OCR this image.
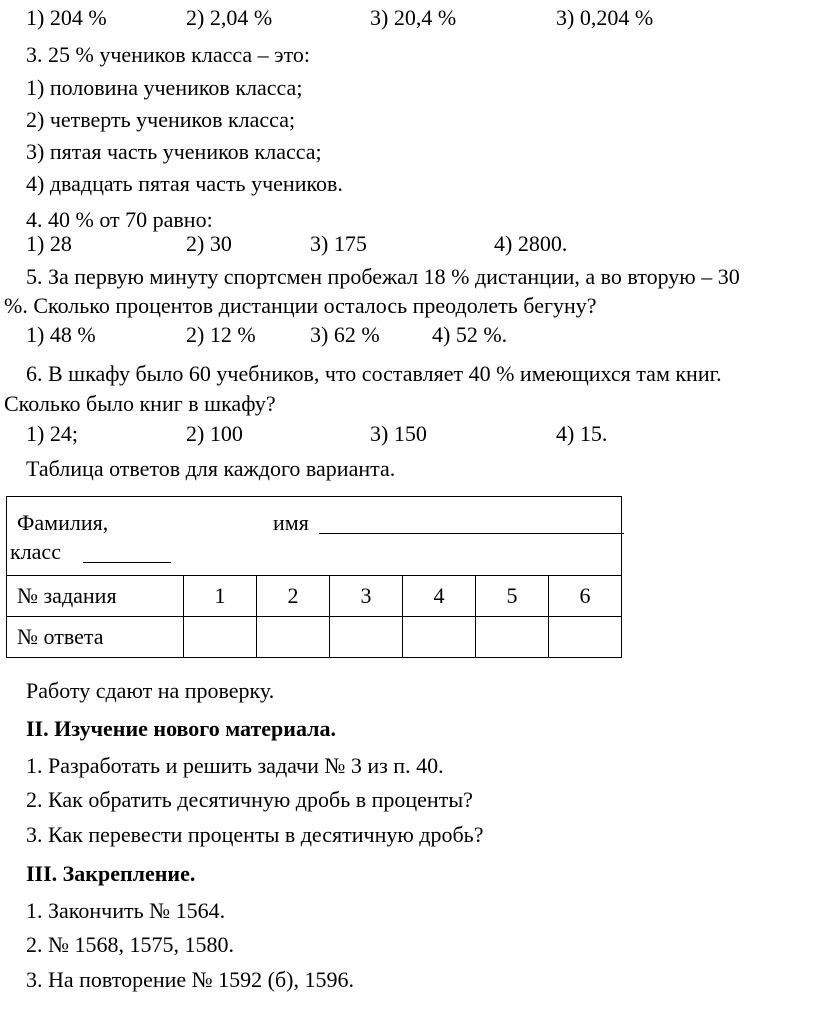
1) 204 %	2) 2,04 %	3) 20,4 %	3) 0,204 %
3. 25 % учеников класса – это:
1) половина учеников класса;
2) четверть учеников класса;
3) пятая часть учеников класса;
4) двадцать пятая часть учеников.
4. 40 % от 70 равно:
1) 28	2) 30	3) 175	4) 2800.
5. За первую минуту спортсмен пробежал 18 % дистанции, а во вторую – 30
%. Сколько процентов дистанции осталось преодолеть бегуну?
1) 48 %	2) 12 % 3) 62 % 4) 52 %.
6. В шкафу было 60 учебников, что составляет 40 % имеющихся там книг.
Сколько было книг в шкафу?
1) 24;	2) 100	3) 150	4) 15.
Таблица ответов для каждого варианта.
Фамилия, имя
класс						

№ задания	1	2	3	4	5	6
№ ответа						
Работу сдают на проверку.
II. Изучение нового материала.
1. Разработать и решить задачи № 3 из п. 40.
2. Как обратить десятичную дробь в проценты?
3. Как перевести проценты в десятичную дробь?
III. Закрепление.
1. Закончить № 1564.
2. № 1568, 1575, 1580.
3. На повторение № 1592 (б), 1596.
